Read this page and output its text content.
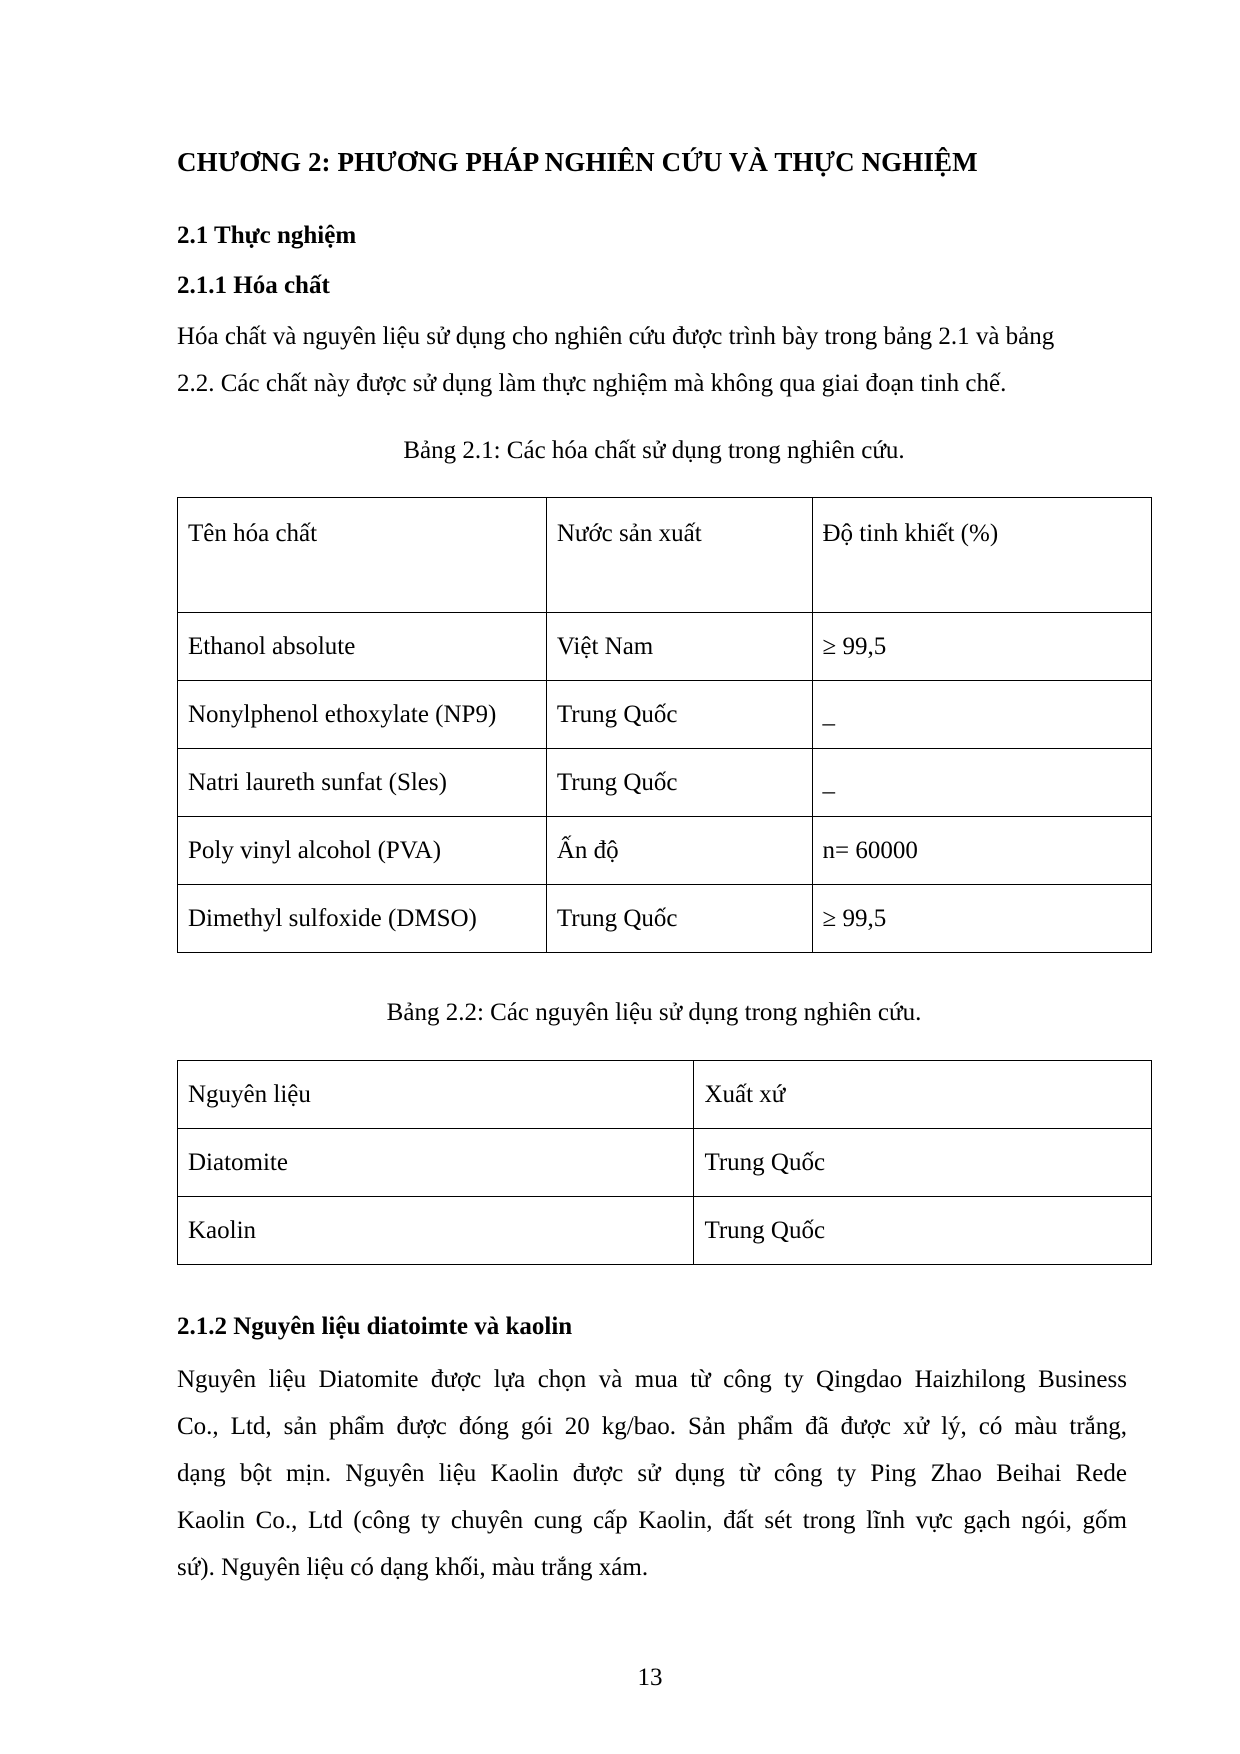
CHƯƠNG 2: PHƯƠNG PHÁP NGHIÊN CỨU VÀ THỰC NGHIỆM
2.1 Thực nghiệm
2.1.1 Hóa chất
Hóa chất và nguyên liệu sử dụng cho nghiên cứu được trình bày trong bảng 2.1 và bảng
2.2. Các chất này được sử dụng làm thực nghiệm mà không qua giai đoạn tinh chế.
Bảng 2.1: Các hóa chất sử dụng trong nghiên cứu.
Tên hóa chất	Nước sản xuất	Độ tinh khiết (%)
Ethanol absolute	Việt Nam	≥ 99,5
Nonylphenol ethoxylate (NP9)	Trung Quốc	_
Natri laureth sunfat (Sles)	Trung Quốc	_
Poly vinyl alcohol (PVA)	Ấn độ	n= 60000
Dimethyl sulfoxide (DMSO)	Trung Quốc	≥ 99,5
Bảng 2.2: Các nguyên liệu sử dụng trong nghiên cứu.
Nguyên liệu	Xuất xứ
Diatomite	Trung Quốc
Kaolin	Trung Quốc
2.1.2 Nguyên liệu diatoimte và kaolin
Nguyên liệu Diatomite được lựa chọn và mua từ công ty Qingdao Haizhilong Business
Co., Ltd, sản phẩm được đóng gói 20 kg/bao. Sản phẩm đã được xử lý, có màu trắng,
dạng bột mịn. Nguyên liệu Kaolin được sử dụng từ công ty Ping Zhao Beihai Rede
Kaolin Co., Ltd (công ty chuyên cung cấp Kaolin, đất sét trong lĩnh vực gạch ngói, gốm
sứ). Nguyên liệu có dạng khối, màu trắng xám.
13
